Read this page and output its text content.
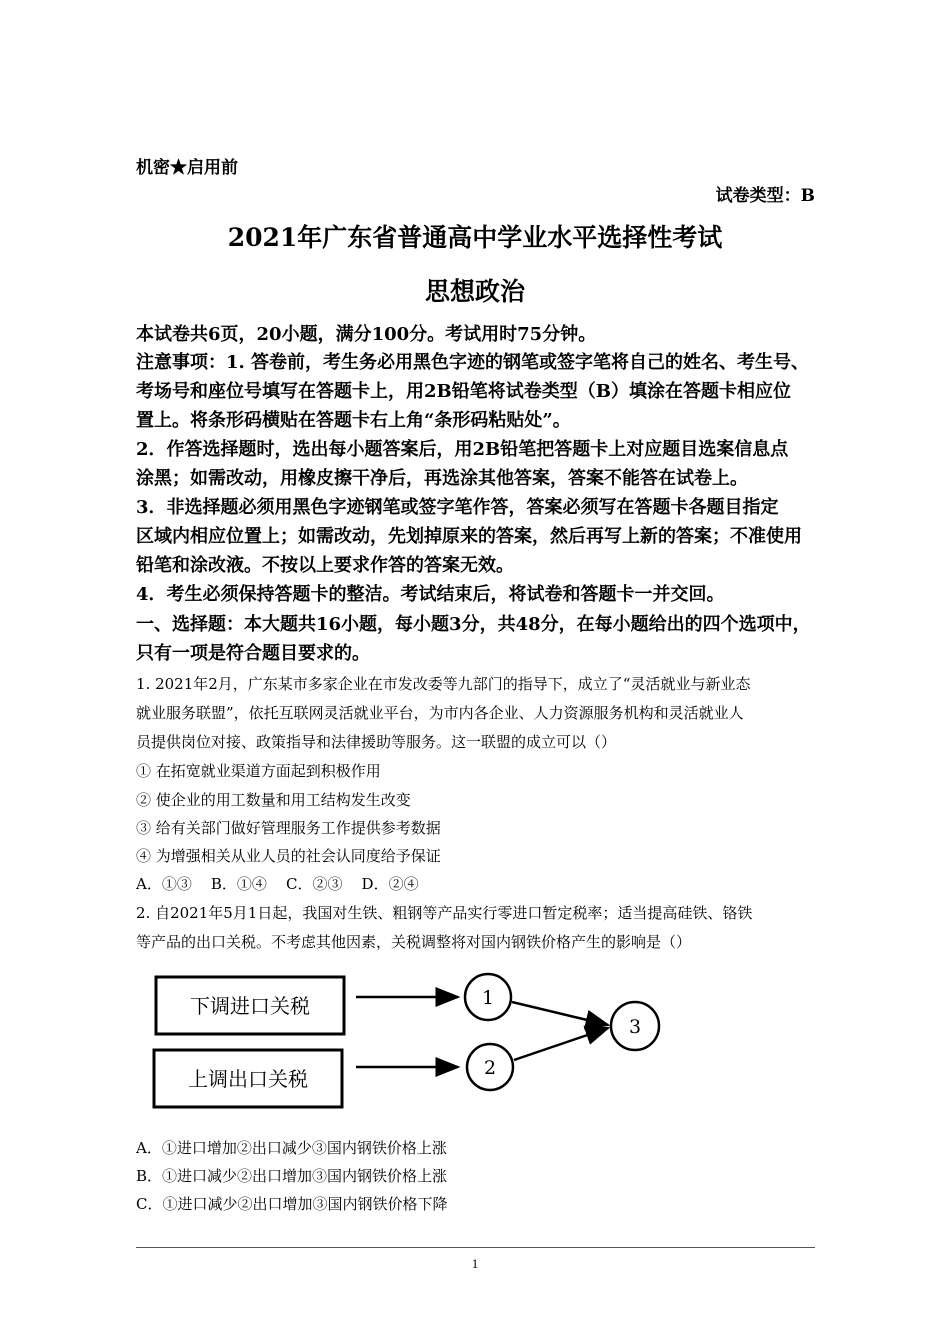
机密★启用前
试卷类型：B
2021年广东省普通高中学业水平选择性考试
思想政治
本试卷共6页，20小题，满分100分。考试用时75分钟。
注意事项：1. 答卷前，考生务必用黑色字迹的钢笔或签字笔将自己的姓名、考生号、
考场号和座位号填写在答题卡上，用2B铅笔将试卷类型（B）填涂在答题卡相应位
置上。将条形码横贴在答题卡右上角“条形码粘贴处”。
2．作答选择题时，选出每小题答案后，用2B铅笔把答题卡上对应题目选案信息点
涂黑；如需改动，用橡皮擦干净后，再选涂其他答案，答案不能答在试卷上。
3．非选择题必须用黑色字迹钢笔或签字笔作答，答案必须写在答题卡各题目指定
区域内相应位置上；如需改动，先划掉原来的答案，然后再写上新的答案；不准使用
铅笔和涂改液。不按以上要求作答的答案无效。
4．考生必须保持答题卡的整洁。考试结束后，将试卷和答题卡一并交回。
一、选择题：本大题共16小题，每小题3分，共48分，在每小题给出的四个选项中，
只有一项是符合题目要求的。
1. 2021年2月，广东某市多家企业在市发改委等九部门的指导下，成立了“灵活就业与新业态
就业服务联盟”，依托互联网灵活就业平台，为市内各企业、人力资源服务机构和灵活就业人
员提供岗位对接、政策指导和法律援助等服务。这一联盟的成立可以（）
① 在拓宽就业渠道方面起到积极作用
② 使企业的用工数量和用工结构发生改变
③ 给有关部门做好管理服务工作提供参考数据
④ 为增强相关从业人员的社会认同度给予保证
A．①③    B．①④    C．②③    D．②④
2. 自2021年5月1日起，我国对生铁、粗钢等产品实行零进口暂定税率；适当提高硅铁、铬铁
等产品的出口关税。不考虑其他因素，关税调整将对国内钢铁价格产生的影响是（）
下调进口关税
上调出口关税
1
2
3
A．①进口增加②出口减少③国内钢铁价格上涨
B．①进口减少②出口增加③国内钢铁价格上涨
C．①进口减少②出口增加③国内钢铁价格下降
1
